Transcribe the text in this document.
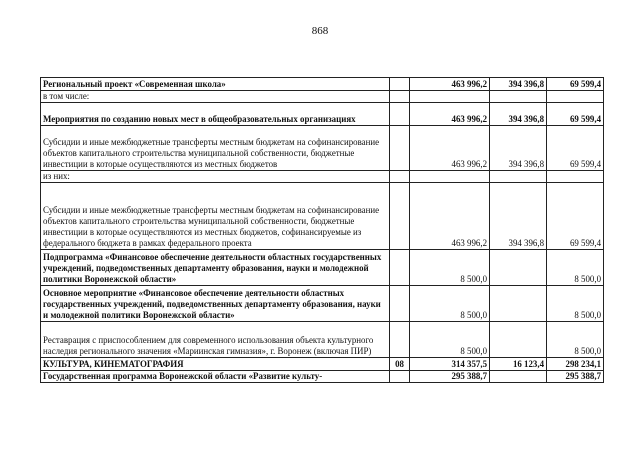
868
Региональный проект «Современная школа»		463 996,2	394 396,8	69 599,4
в том числе:				
Мероприятия по созданию новых мест в общеобразовательных организациях		463 996,2	394 396,8	69 599,4
Субсидии и иные межбюджетные трансферты местным бюджетам на софинансирование объектов капитального строительства муниципальной собственности, бюджетные инвестиции в которые осуществляются из местных бюджетов		463 996,2	394 396,8	69 599,4
из них:				
Субсидии и иные межбюджетные трансферты местным бюджетам на софинансирование объектов капитального строительства муниципальной собственности, бюджетные инвестиции в которые осуществляются из местных бюджетов, софинансируемые из федерального бюджета в рамках федерального проекта		463 996,2	394 396,8	69 599,4
Подпрограмма «Финансовое обеспечение деятельности областных государственных учреждений, подведомственных департаменту образования, науки и молодежной политики Воронежской области»		8 500,0		8 500,0
Основное мероприятие «Финансовое обеспечение деятельности областных государственных учреждений, подведомственных департаменту образования, науки и молодежной политики Воронежской области»		8 500,0		8 500,0
Реставрация с приспособлением для современного использования объекта культурного наследия регионального значения «Мариинская гимназия», г. Воронеж (включая ПИР)		8 500,0		8 500,0
КУЛЬТУРА, КИНЕМАТОГРАФИЯ	08	314 357,5	16 123,4	298 234,1
Государственная программа Воронежской области «Развитие культу-		295 388,7		295 388,7
